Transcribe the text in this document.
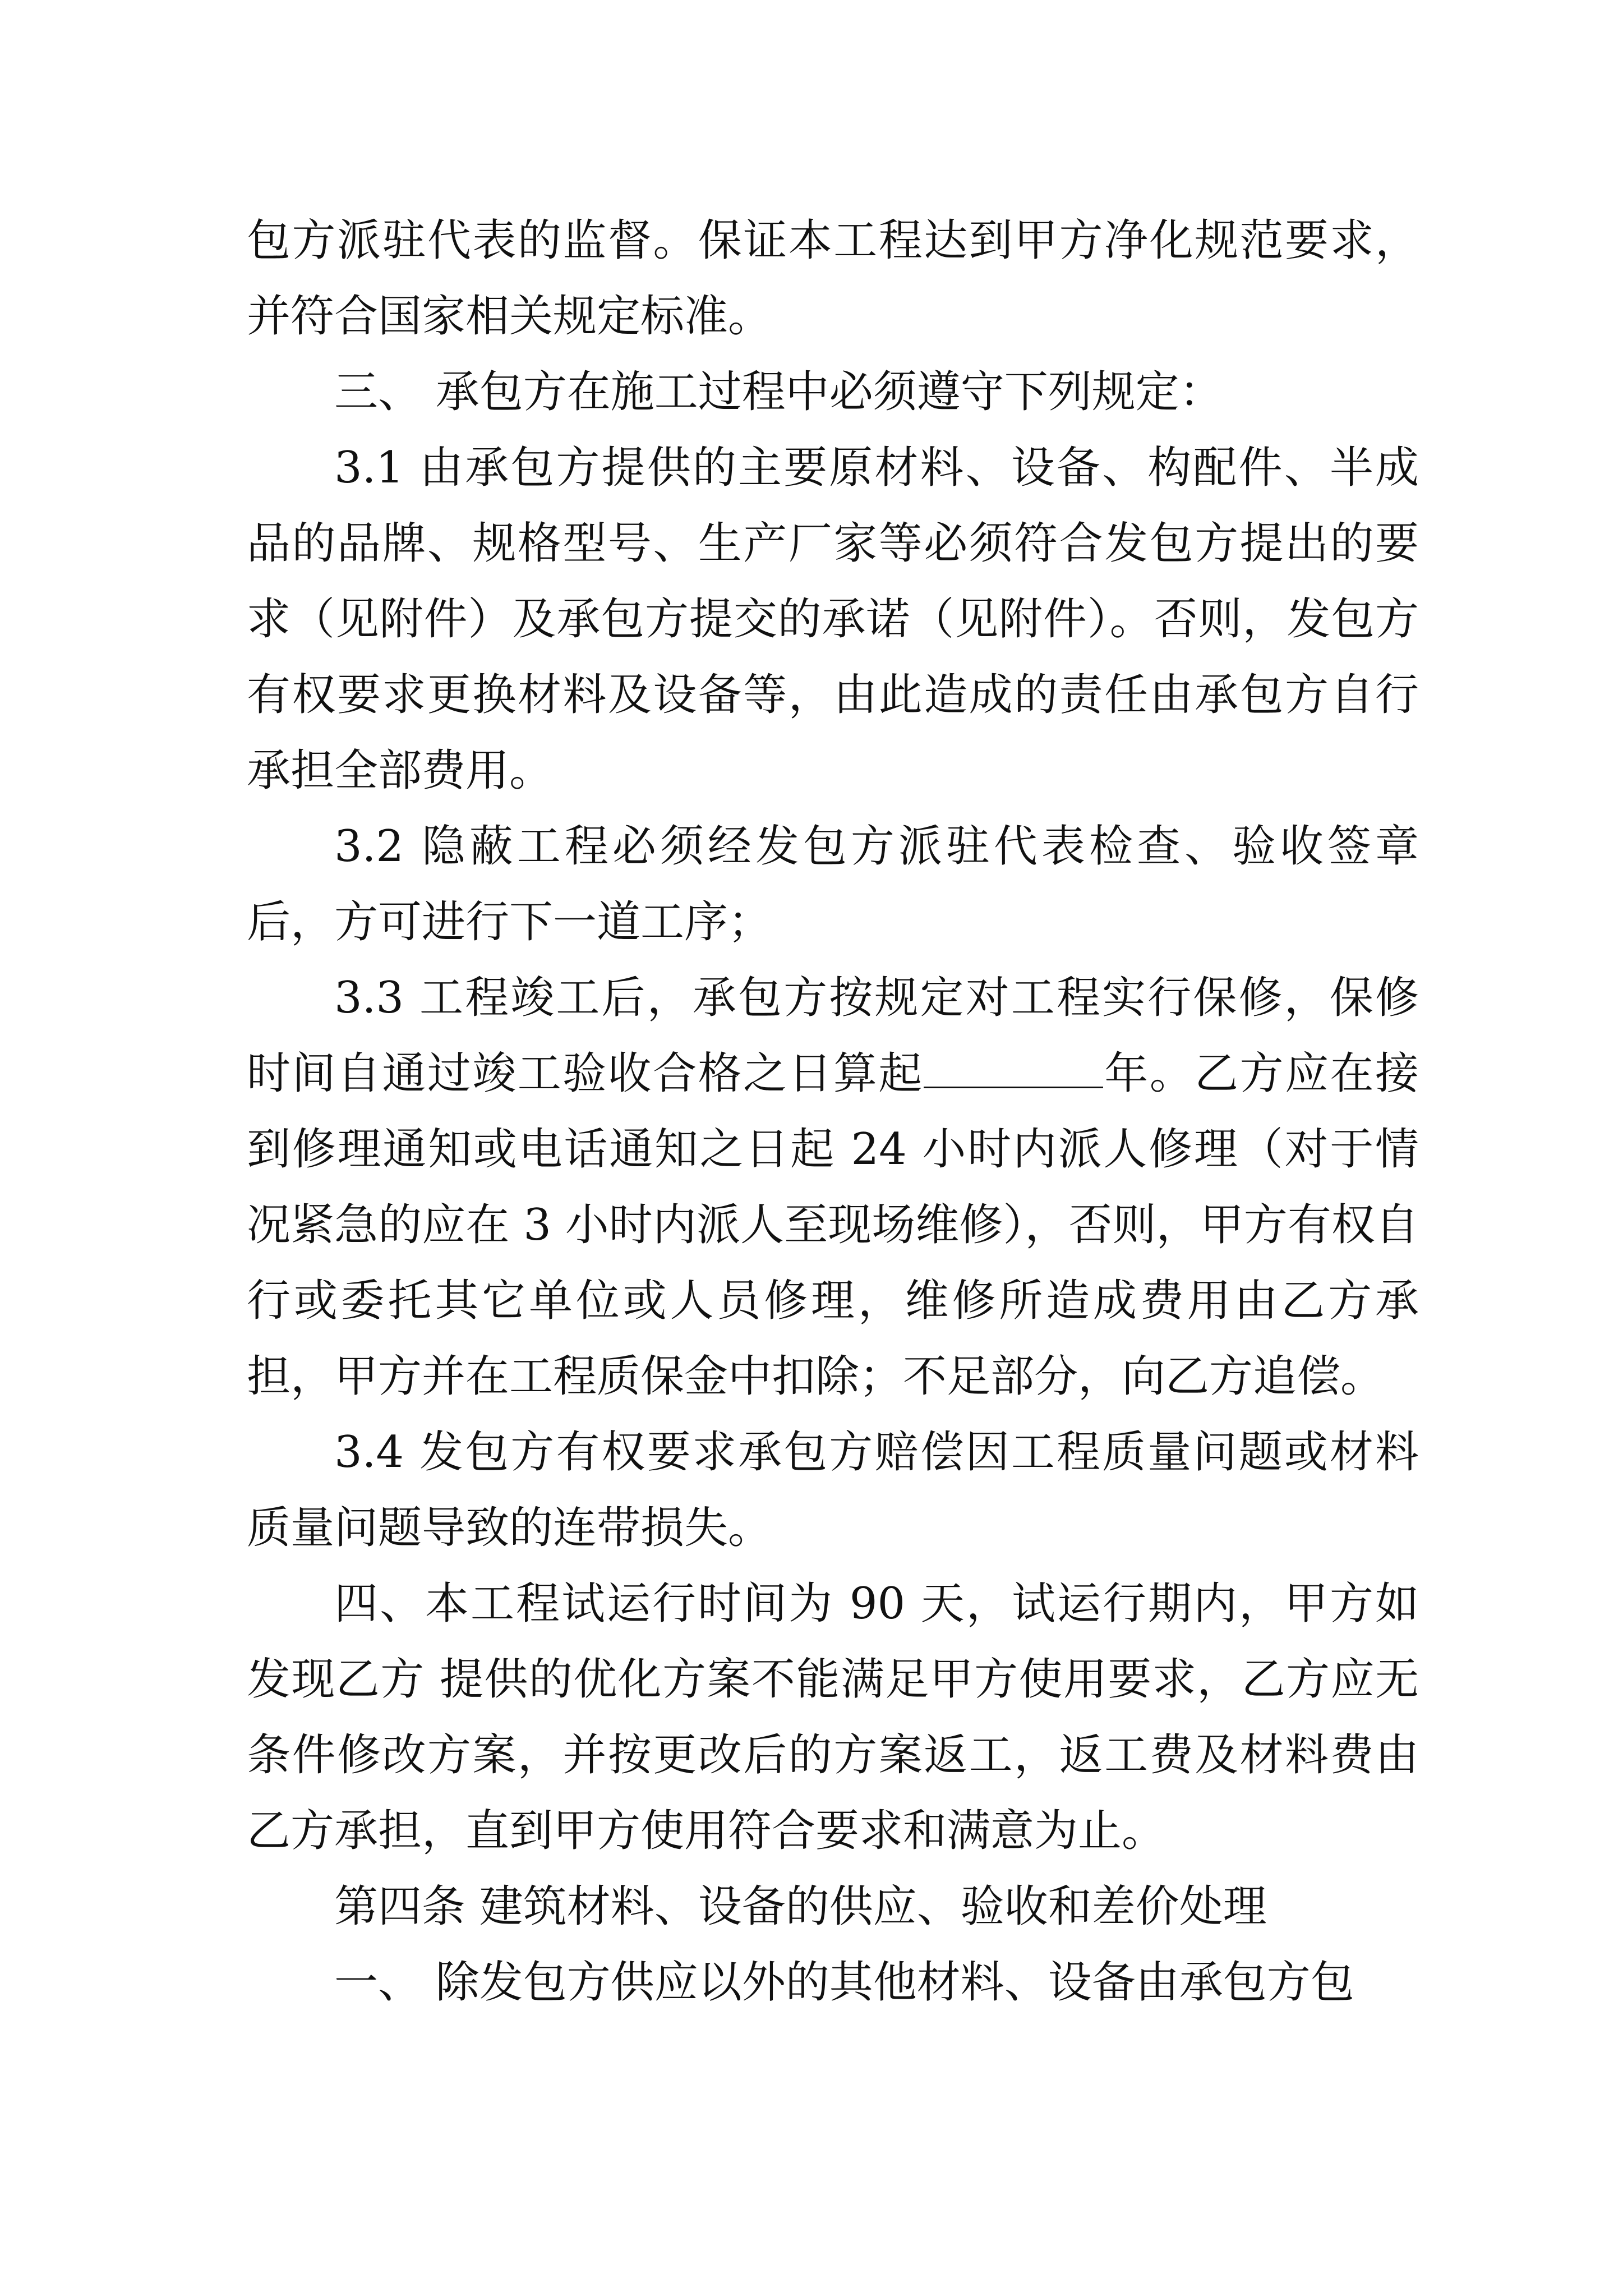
包方派驻代表的监督。保证本工程达到甲方净化规范要求，并符合国家相关规定标准。

三、 承包方在施工过程中必须遵守下列规定：

3.1 由承包方提供的主要原材料、设备、构配件、半成品的品牌、规格型号、生产厂家等必须符合发包方提出的要求（见附件）及承包方提交的承诺（见附件）。否则，发包方有权要求更换材料及设备等，由此造成的责任由承包方自行承担全部费用。

3.2 隐蔽工程必须经发包方派驻代表检查、验收签章后，方可进行下一道工序；

3.3 工程竣工后，承包方按规定对工程实行保修，保修时间自通过竣工验收合格之日算起	年。乙方应在接到修理通知或电话通知之日起 24 小时内派人修理（对于情况紧急的应在 3 小时内派人至现场维修），否则，甲方有权自行或委托其它单位或人员修理，维修所造成费用由乙方承担，甲方并在工程质保金中扣除；不足部分，向乙方追偿。

3.4 发包方有权要求承包方赔偿因工程质量问题或材料质量问题导致的连带损失。

四、本工程试运行时间为 90 天，试运行期内，甲方如发现乙方 提供的优化方案不能满足甲方使用要求，乙方应无条件修改方案，并按更改后的方案返工，返工费及材料费由乙方承担，直到甲方使用符合要求和满意为止。

第四条 建筑材料、设备的供应、验收和差价处理

一、 除发包方供应以外的其他材料、设备由承包方包
